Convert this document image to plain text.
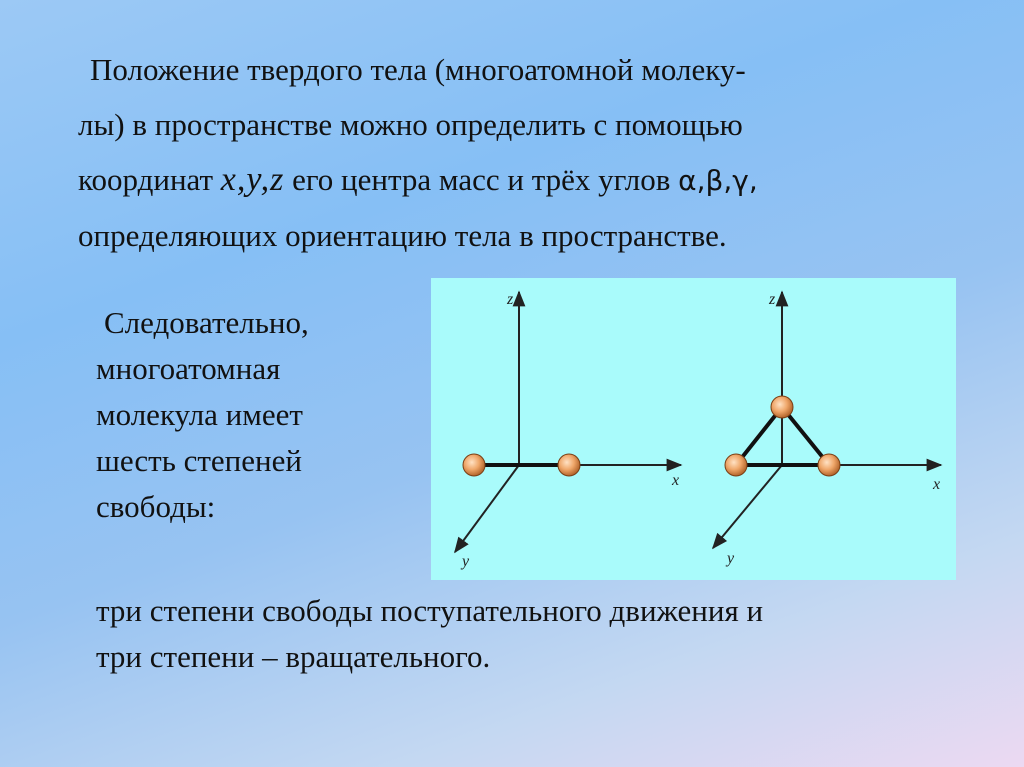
Положение твердого тела (многоатомной молеку-
лы) в пространстве можно определить с помощью
координат x,y,z его центра масс и трёх углов α,β,γ,
определяющих ориентацию тела в пространстве.
Следовательно,
многоатомная
молекула имеет
шесть степеней
свободы:
z
x
y
z
x
y
три степени свободы поступательного движения и
три степени – вращательного.
